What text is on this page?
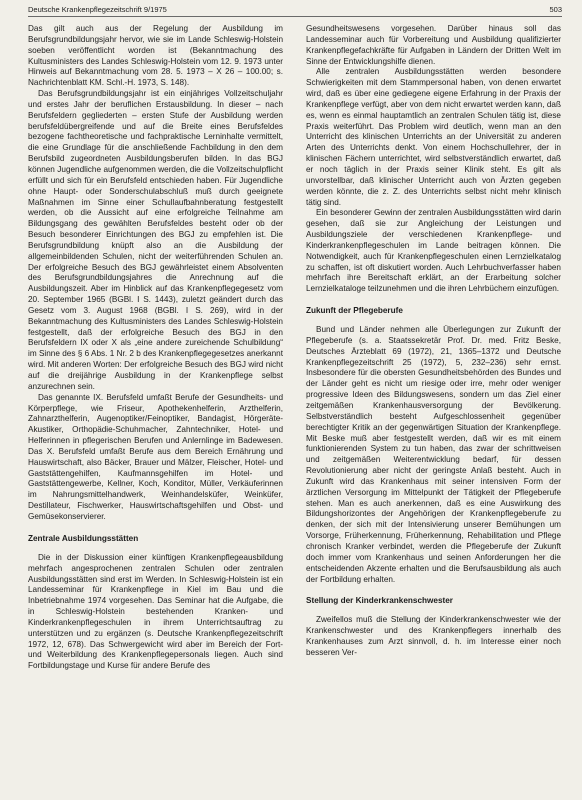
Deutsche Krankenpflegezeitschrift 9/1975	503

Das gilt auch aus der Regelung der Ausbildung im Berufsgrundbildungsjahr hervor, wie sie im Lande Schleswig-Holstein soeben veröffentlicht worden ist (Bekanntmachung des Kultusministers des Landes Schleswig-Holstein vom 12. 9. 1973 unter Hinweis auf Bekanntmachung vom 28. 5. 1973 – X 26 – 100.00; s. Nachrichtenblatt KM. Schl.-H. 1973, S. 148).

Das Berufsgrundbildungsjahr ist ein einjähriges Vollzeitschuljahr und erstes Jahr der beruflichen Erstausbildung. In dieser – nach Berufsfeldern gegliederten – ersten Stufe der Ausbildung werden berufsfeldübergreifende und auf die Breite eines Berufsfeldes bezogene fachtheoretische und fachpraktische Lerninhalte vermittelt, die eine Grundlage für die anschließende Fachbildung in den dem Berufsbild zugeordneten Ausbildungsberufen bilden. In das BGJ können Jugendliche aufgenommen werden, die die Vollzeitschulpflicht erfüllt und sich für ein Berufsfeld entschieden haben. Für Jugendliche ohne Haupt- oder Sonderschulabschluß muß durch geeignete Maßnahmen im Sinne einer Schullaufbahnberatung festgestellt werden, ob die Aussicht auf eine erfolgreiche Teilnahme am Bildungsgang des gewählten Berufsfeldes besteht oder ob der Besuch besonderer Einrichtungen des BGJ zu empfehlen ist. Die Berufsgrundbildung knüpft also an die Ausbildung der allgemeinbildenden Schulen, nicht der weiterführenden Schulen an. Der erfolgreiche Besuch des BGJ gewährleistet einem Absolventen des Berufsgrundbildungsjahres die Anrechnung auf die Ausbildungszeit. Aber im Hinblick auf das Krankenpflegegesetz vom 20. September 1965 (BGBl. I S. 1443), zuletzt geändert durch das Gesetz vom 3. August 1968 (BGBl. I S. 269), wird in der Bekanntmachung des Kultusministers des Landes Schleswig-Holstein festgestellt, daß der erfolgreiche Besuch des BGJ in den Berufsfeldern IX oder X als „eine andere zureichende Schulbildung“ im Sinne des § 6 Abs. 1 Nr. 2 b des Krankenpflegegesetzes anerkannt wird. Mit anderen Worten: Der erfolgreiche Besuch des BGJ wird nicht auf die dreijährige Ausbildung in der Krankenpflege selbst anzurechnen sein.

Das genannte IX. Berufsfeld umfaßt Berufe der Gesundheits- und Körperpflege, wie Friseur, Apothekenhelferin, Arzthelferin, Zahnarzthelferin, Augenoptiker/Feinoptiker, Bandagist, Hörgeräte-Akustiker, Orthopädie-Schuhmacher, Zahntechniker, Hotel- und Helferinnen in pflegerischen Berufen und Anlernlinge im Badewesen. Das X. Berufsfeld umfaßt Berufe aus dem Bereich Ernährung und Hauswirtschaft, also Bäcker, Brauer und Mälzer, Fleischer, Hotel- und Gaststättengehilfen, Kaufmannsgehilfen im Hotel- und Gaststättengewerbe, Kellner, Koch, Konditor, Müller, Verkäuferinnen im Nahrungsmittelhandwerk, Weinhandelsküfer, Weinküfer, Destillateur, Fischwerker, Hauswirtschaftsgehilfen und Obst- und Gemüsekonservierer.

Zentrale Ausbildungsstätten

Die in der Diskussion einer künftigen Krankenpflegeausbildung mehrfach angesprochenen zentralen Schulen oder zentralen Ausbildungsstätten sind erst im Werden. In Schleswig-Holstein ist ein Landesseminar für Krankenpflege in Kiel im Bau und die Inbetriebnahme 1974 vorgesehen. Das Seminar hat die Aufgabe, die in Schleswig-Holstein bestehenden Kranken- und Kinderkrankenpflegeschulen in ihrem Unterrichtsauftrag zu unterstützen und zu ergänzen (s. Deutsche Krankenpflegezeitschrift 1972, 12, 678). Das Schwergewicht wird aber im Bereich der Fort- und Weiterbildung des Krankenpflegepersonals liegen. Auch sind Fortbildungstage und Kurse für andere Berufe des

Gesundheitswesens vorgesehen. Darüber hinaus soll das Landesseminar auch für Vorbereitung und Ausbildung qualifizierter Krankenpflegefachkräfte für Aufgaben in Ländern der Dritten Welt im Sinne der Entwicklungshilfe dienen.

Alle zentralen Ausbildungsstätten werden besondere Schwierigkeiten mit dem Stammpersonal haben, von denen erwartet wird, daß es über eine gediegene eigene Erfahrung in der Praxis der Krankenpflege verfügt, aber von dem nicht erwartet werden kann, daß es, wenn es einmal hauptamtlich an zentralen Schulen tätig ist, diese Praxis weiterführt. Das Problem wird deutlich, wenn man an den Unterricht des klinischen Unterrichts an der Universität zu anderen Arten des Unterrichts denkt. Von einem Hochschullehrer, der in klinischen Fächern unterrichtet, wird selbstverständlich erwartet, daß er noch täglich in der Praxis seiner Klinik steht. Es gilt als unvorstellbar, daß klinischer Unterricht auch von Ärzten gegeben werden könnte, die z. Z. des Unterrichts selbst nicht mehr klinisch tätig sind.

Ein besonderer Gewinn der zentralen Ausbildungsstätten wird darin gesehen, daß sie zur Angleichung der Leistungen und Ausbildungsziele der verschiedenen Krankenpflege- und Kinderkrankenpflegeschulen im Lande beitragen können. Die Notwendigkeit, auch für Krankenpflegeschulen einen Lernzielkatalog zu schaffen, ist oft diskutiert worden. Auch Lehrbuchverfasser haben mehrfach ihre Bereitschaft erklärt, an der Erarbeitung solcher Lernzielkataloge teilzunehmen und die ihren Lehrbüchern einzufügen.

Zukunft der Pflegeberufe

Bund und Länder nehmen alle Überlegungen zur Zukunft der Pflegeberufe (s. a. Staatssekretär Prof. Dr. med. Fritz Beske, Deutsches Ärzteblatt 69 (1972), 21, 1365–1372 und Deutsche Krankenpflegezeitschrift 25 (1972), 5, 232–236) sehr ernst. Insbesondere für die obersten Gesundheitsbehörden des Bundes und der Länder geht es nicht um riesige oder irre, mehr oder weniger progressive Ideen des Bildungswesens, sondern um das Ziel einer zeitgemäßen Krankenhausversorgung der Bevölkerung. Selbstverständlich besteht Aufgeschlossenheit gegenüber berechtigter Kritik an der gegenwärtigen Situation der Krankenpflege. Mit Beske muß aber festgestellt werden, daß wir es mit einem funktionierenden System zu tun haben, das zwar der schrittweisen und zeitgemäßen Weiterentwicklung bedarf, für dessen Revolutionierung aber nicht der geringste Anlaß besteht. Auch in Zukunft wird das Krankenhaus mit seiner intensiven Form der ärztlichen Versorgung im Mittelpunkt der Tätigkeit der Pflegeberufe stehen. Man es auch anerkennen, daß es eine Auswirkung des Bildungshorizontes der Angehörigen der Krankenpflegeberufe zu denken, der sich mit der Intensivierung unserer Bemühungen um Vorsorge, Früherkennung, Früherkennung, Rehabilitation und Pflege chronisch Kranker verbindet, werden die Pflegeberufe der Zukunft doch immer vom Krankenhaus und seinen Anforderungen her die entscheidenden Akzente erhalten und die Berufsausbildung als auch der Fortbildung erhalten.

Stellung der Kinderkrankenschwester

Zweifellos muß die Stellung der Kinderkrankenschwester wie der Krankenschwester und des Krankenpflegers innerhalb des Krankenhauses zum Arzt sinnvoll, d. h. im Interesse einer noch besseren Ver-
